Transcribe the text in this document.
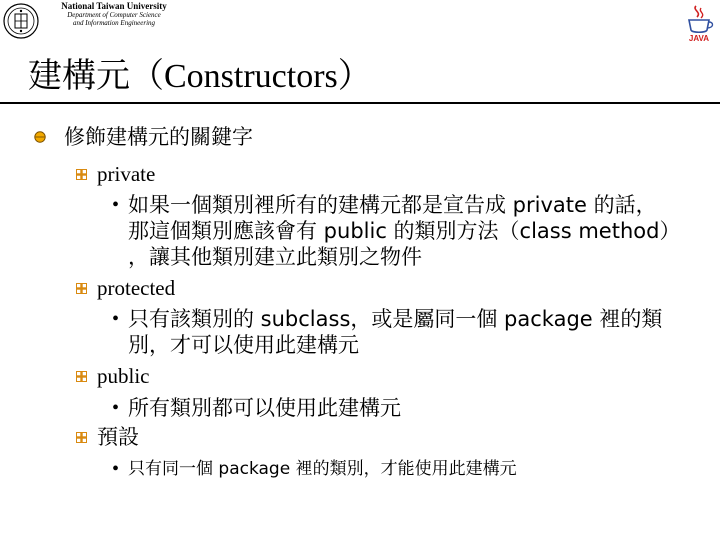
National Taiwan University
Department of Computer Science
and Information Engineering
JAVA
建構元（Constructors）
修飾建構元的關鍵字
private
• 如果一個類別裡所有的建構元都是宣告成 private 的話，
那這個類別應該會有 public 的類別方法（class method）
，讓其他類別建立此類別之物件
protected
• 只有該類別的 subclass，或是屬同一個 package 裡的類
別，才可以使用此建構元
public
• 所有類別都可以使用此建構元
預設
• 只有同一個 package 裡的類別，才能使用此建構元
